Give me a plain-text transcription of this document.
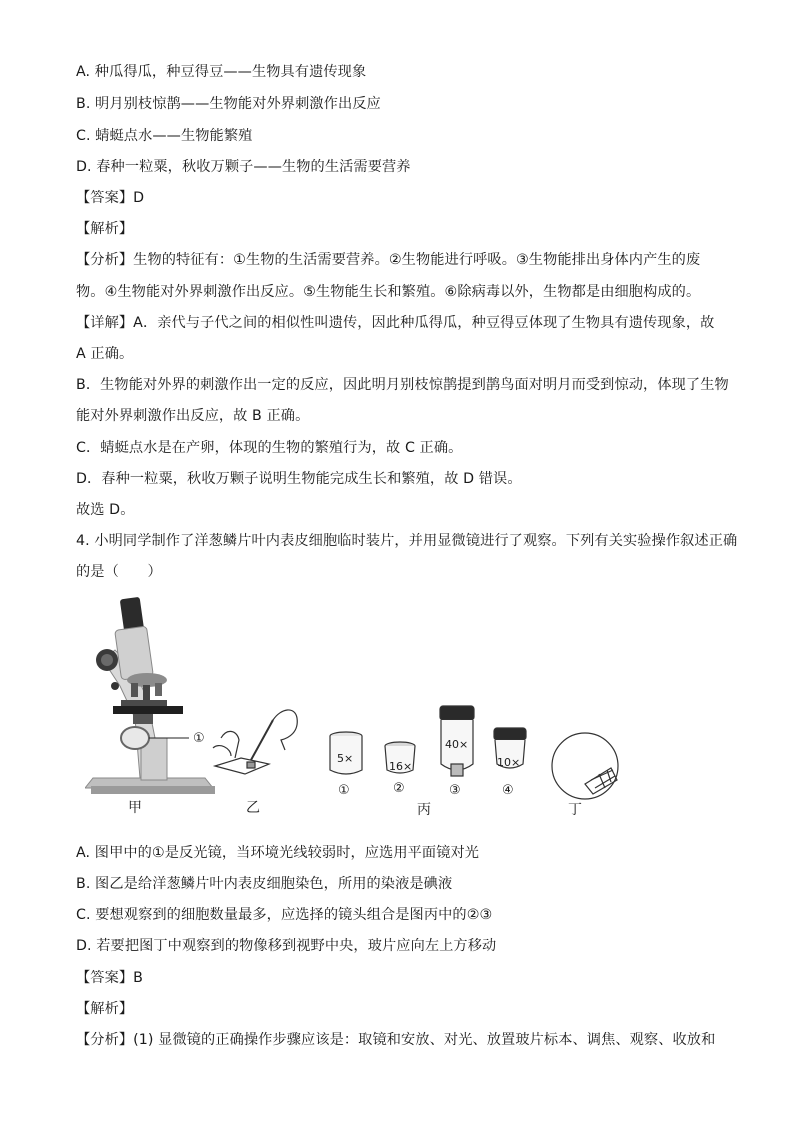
A. 种瓜得瓜，种豆得豆——生物具有遗传现象
B. 明月别枝惊鹊——生物能对外界刺激作出反应
C. 蜻蜓点水——生物能繁殖
D. 春种一粒粟，秋收万颗子——生物的生活需要营养
【答案】D
【解析】
【分析】生物的特征有：①生物的生活需要营养。②生物能进行呼吸。③生物能排出身体内产生的废
物。④生物能对外界刺激作出反应。⑤生物能生长和繁殖。⑥除病毒以外，生物都是由细胞构成的。
【详解】A．亲代与子代之间的相似性叫遗传，因此种瓜得瓜，种豆得豆体现了生物具有遗传现象，故
A 正确。
B．生物能对外界的刺激作出一定的反应，因此明月别枝惊鹊提到鹊鸟面对明月而受到惊动，体现了生物
能对外界刺激作出反应，故 B 正确。
C．蜻蜓点水是在产卵，体现的生物的繁殖行为，故 C 正确。
D．春种一粒粟，秋收万颗子说明生物能完成生长和繁殖，故 D 错误。
故选 D。
4. 小明同学制作了洋葱鳞片叶内表皮细胞临时装片，并用显微镜进行了观察。下列有关实验操作叙述正确
的是（　　）
①
甲	乙	丙	丁
5×
16×
40×
10×
①	②	③	④
A. 图甲中的①是反光镜，当环境光线较弱时，应选用平面镜对光
B. 图乙是给洋葱鳞片叶内表皮细胞染色，所用的染液是碘液
C. 要想观察到的细胞数量最多，应选择的镜头组合是图丙中的②③
D. 若要把图丁中观察到的物像移到视野中央，玻片应向左上方移动
【答案】B
【解析】
【分析】(1) 显微镜的正确操作步骤应该是：取镜和安放、对光、放置玻片标本、调焦、观察、收放和
